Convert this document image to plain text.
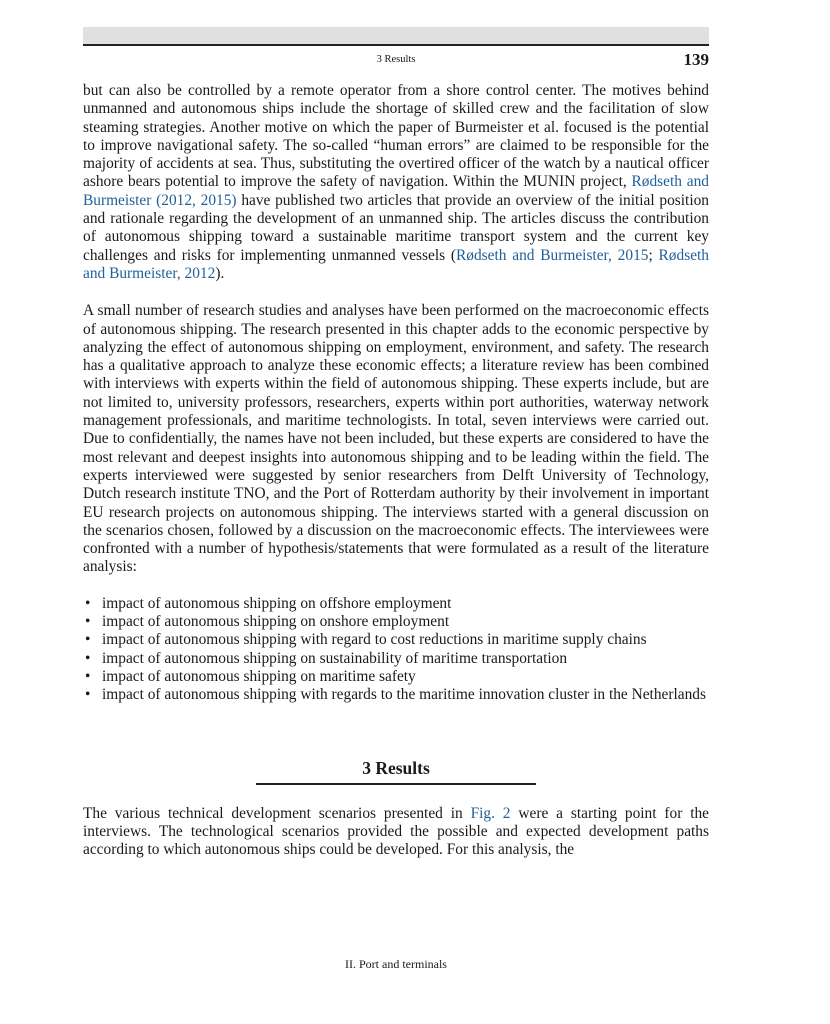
3 Results	139

but can also be controlled by a remote operator from a shore control center. The motives behind unmanned and autonomous ships include the shortage of skilled crew and the facilitation of slow steaming strategies. Another motive on which the paper of Burmeister et al. focused is the potential to improve navigational safety. The so-called “human errors” are claimed to be responsible for the majority of accidents at sea. Thus, substituting the overtired officer of the watch by a nautical officer ashore bears potential to improve the safety of navigation. Within the MUNIN project, Rødseth and Burmeister (2012, 2015) have published two articles that provide an overview of the initial position and rationale regarding the development of an unmanned ship. The articles discuss the contribution of autonomous shipping toward a sustainable maritime transport system and the current key challenges and risks for implementing unmanned vessels (Rødseth and Burmeister, 2015; Rødseth and Burmeister, 2012).

A small number of research studies and analyses have been performed on the macroeconomic effects of autonomous shipping. The research presented in this chapter adds to the economic perspective by analyzing the effect of autonomous shipping on employment, environment, and safety. The research has a qualitative approach to analyze these economic effects; a literature review has been combined with interviews with experts within the field of autonomous shipping. These experts include, but are not limited to, university professors, researchers, experts within port authorities, waterway network management professionals, and maritime technologists. In total, seven interviews were carried out. Due to confidentially, the names have not been included, but these experts are considered to have the most relevant and deepest insights into autonomous shipping and to be leading within the field. The experts interviewed were suggested by senior researchers from Delft University of Technology, Dutch research institute TNO, and the Port of Rotterdam authority by their involvement in important EU research projects on autonomous shipping. The interviews started with a general discussion on the scenarios chosen, followed by a discussion on the macroeconomic effects. The interviewees were confronted with a number of hypothesis/statements that were formulated as a result of the literature analysis:

• impact of autonomous shipping on offshore employment
• impact of autonomous shipping on onshore employment
• impact of autonomous shipping with regard to cost reductions in maritime supply chains
• impact of autonomous shipping on sustainability of maritime transportation
• impact of autonomous shipping on maritime safety
• impact of autonomous shipping with regards to the maritime innovation cluster in the Netherlands
3 Results

The various technical development scenarios presented in Fig. 2 were a starting point for the interviews. The technological scenarios provided the possible and expected development paths according to which autonomous ships could be developed. For this analysis, the

II. Port and terminals
